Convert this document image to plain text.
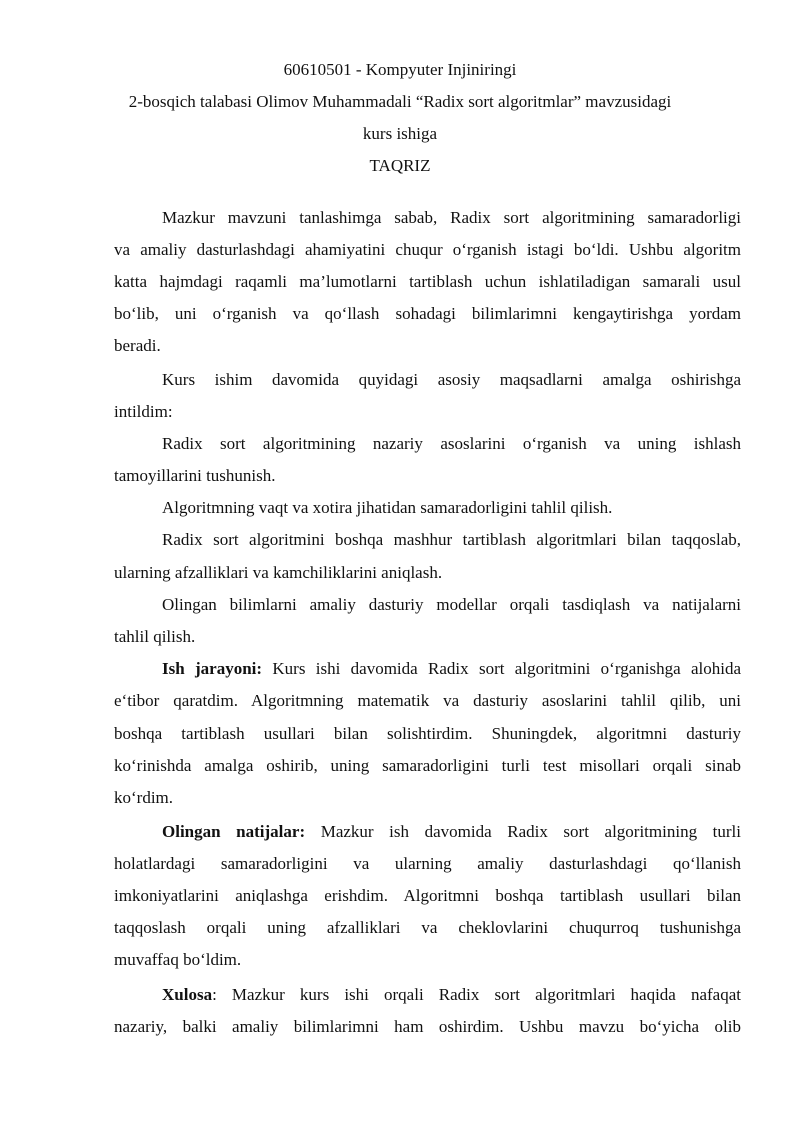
60610501 - Kompyuter Injiniringi
2-bosqich talabasi Olimov Muhammadali “Radix sort algoritmlar” mavzusidagi
kurs ishiga
TAQRIZ
Mazkur mavzuni tanlashimga sabab, Radix sort algoritmining samaradorligi
va amaliy dasturlashdagi ahamiyatini chuqur o‘rganish istagi bo‘ldi. Ushbu algoritm
katta hajmdagi raqamli ma’lumotlarni tartiblash uchun ishlatiladigan samarali usul
bo‘lib, uni o‘rganish va qo‘llash sohadagi bilimlarimni kengaytirishga yordam
beradi.
Kurs ishim davomida quyidagi asosiy maqsadlarni amalga oshirishga
intildim:
Radix sort algoritmining nazariy asoslarini o‘rganish va uning ishlash
tamoyillarini tushunish.
Algoritmning vaqt va xotira jihatidan samaradorligini tahlil qilish.
Radix sort algoritmini boshqa mashhur tartiblash algoritmlari bilan taqqoslab,
ularning afzalliklari va kamchiliklarini aniqlash.
Olingan bilimlarni amaliy dasturiy modellar orqali tasdiqlash va natijalarni
tahlil qilish.
Ish jarayoni: Kurs ishi davomida Radix sort algoritmini o‘rganishga alohida
e‘tibor qaratdim. Algoritmning matematik va dasturiy asoslarini tahlil qilib, uni
boshqa tartiblash usullari bilan solishtirdim. Shuningdek, algoritmni dasturiy
ko‘rinishda amalga oshirib, uning samaradorligini turli test misollari orqali sinab
ko‘rdim.
Olingan natijalar: Mazkur ish davomida Radix sort algoritmining turli
holatlardagi samaradorligini va ularning amaliy dasturlashdagi qo‘llanish
imkoniyatlarini aniqlashga erishdim. Algoritmni boshqa tartiblash usullari bilan
taqqoslash orqali uning afzalliklari va cheklovlarini chuqurroq tushunishga
muvaffaq bo‘ldim.
Xulosa: Mazkur kurs ishi orqali Radix sort algoritmlari haqida nafaqat
nazariy, balki amaliy bilimlarimni ham oshirdim. Ushbu mavzu bo‘yicha olib
